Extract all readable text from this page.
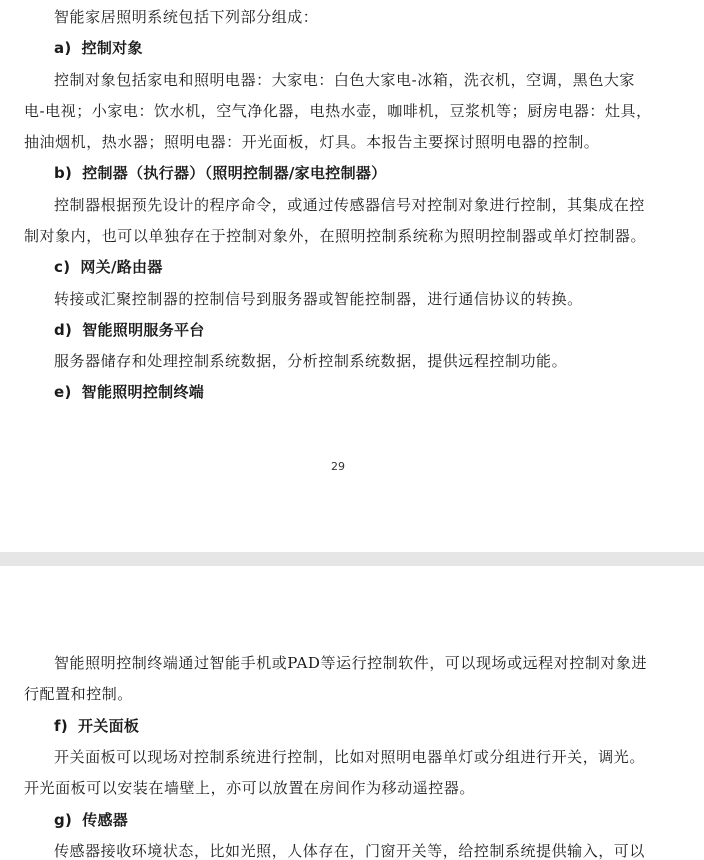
智能家居照明系统包括下列部分组成：
a) 控制对象
控制对象包括家电和照明电器：大家电：白色大家电-冰箱，洗衣机，空调，黑色大家
电-电视；小家电：饮水机，空气净化器，电热水壶，咖啡机，豆浆机等；厨房电器：灶具，
抽油烟机，热水器；照明电器：开光面板，灯具。本报告主要探讨照明电器的控制。
b) 控制器（执行器）（照明控制器/家电控制器）
控制器根据预先设计的程序命令，或通过传感器信号对控制对象进行控制，其集成在控
制对象内，也可以单独存在于控制对象外，在照明控制系统称为照明控制器或单灯控制器。
c) 网关/路由器
转接或汇聚控制器的控制信号到服务器或智能控制器，进行通信协议的转换。
d) 智能照明服务平台
服务器储存和处理控制系统数据，分析控制系统数据，提供远程控制功能。
e) 智能照明控制终端
29
智能照明控制终端通过智能手机或PAD等运行控制软件，可以现场或远程对控制对象进
行配置和控制。
f) 开关面板
开关面板可以现场对控制系统进行控制，比如对照明电器单灯或分组进行开关，调光。
开光面板可以安装在墙壁上，亦可以放置在房间作为移动遥控器。
g) 传感器
传感器接收环境状态，比如光照，人体存在，门窗开关等，给控制系统提供输入，可以
